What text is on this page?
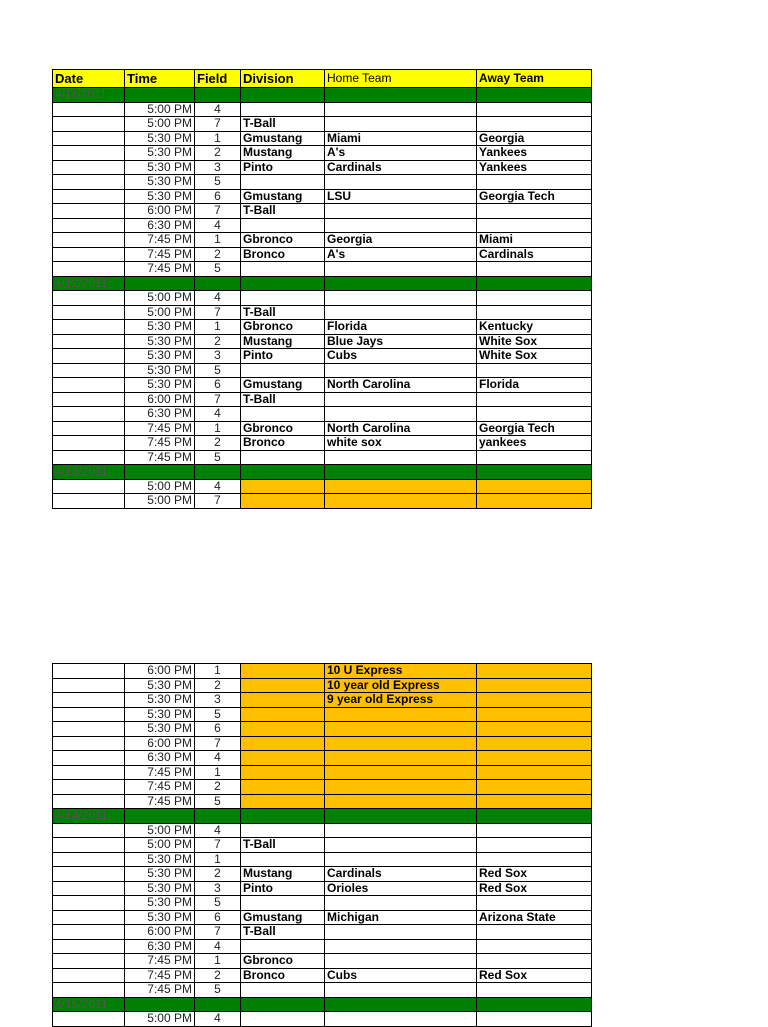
Date	Time	Field	Division	Home Team	Away Team
4/11/2011					
	5:00 PM	4			
	5:00 PM	7	T-Ball		
	5:30 PM	1	Gmustang	Miami	Georgia
	5:30 PM	2	Mustang	A's	Yankees
	5:30 PM	3	Pinto	Cardinals	Yankees
	5:30 PM	5			
	5:30 PM	6	Gmustang	LSU	Georgia Tech
	6:00 PM	7	T-Ball		
	6:30 PM	4			
	7:45 PM	1	Gbronco	Georgia	Miami
	7:45 PM	2	Bronco	A's	Cardinals
	7:45 PM	5			
4/12/2011					
	5:00 PM	4			
	5:00 PM	7	T-Ball		
	5:30 PM	1	Gbronco	Florida	Kentucky
	5:30 PM	2	Mustang	Blue Jays	White Sox
	5:30 PM	3	Pinto	Cubs	White Sox
	5:30 PM	5			
	5:30 PM	6	Gmustang	North Carolina	Florida
	6:00 PM	7	T-Ball		
	6:30 PM	4			
	7:45 PM	1	Gbronco	North Carolina	Georgia Tech
	7:45 PM	2	Bronco	white sox	yankees
	7:45 PM	5			
4/13/2011					
	5:00 PM	4			
	5:00 PM	7			
	6:00 PM	1		10 U Express	
	5:30 PM	2		10 year old Express	
	5:30 PM	3		9 year old Express	
	5:30 PM	5			
	5:30 PM	6			
	6:00 PM	7			
	6:30 PM	4			
	7:45 PM	1			
	7:45 PM	2			
	7:45 PM	5			
4/14/2011					
	5:00 PM	4			
	5:00 PM	7	T-Ball		
	5:30 PM	1			
	5:30 PM	2	Mustang	Cardinals	Red Sox
	5:30 PM	3	Pinto	Orioles	Red Sox
	5:30 PM	5			
	5:30 PM	6	Gmustang	Michigan	Arizona State
	6:00 PM	7	T-Ball		
	6:30 PM	4			
	7:45 PM	1	Gbronco		
	7:45 PM	2	Bronco	Cubs	Red Sox
	7:45 PM	5			
4/15/2011					
	5:00 PM	4			
